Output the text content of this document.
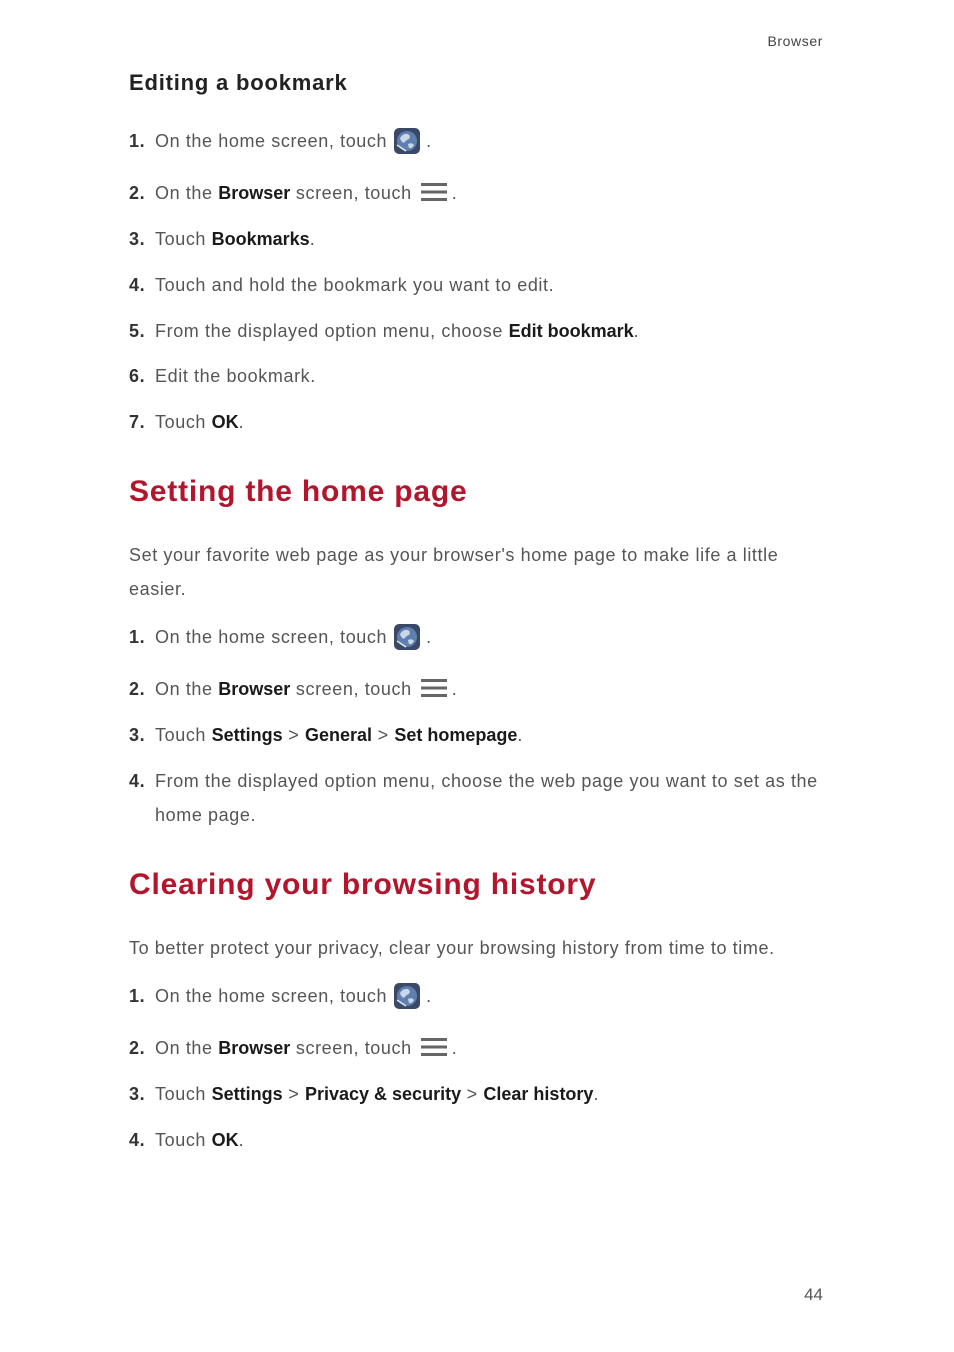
Browser
Editing a bookmark
1. On the home screen, touch .
2. On the Browser screen, touch .
3. Touch Bookmarks.
4. Touch and hold the bookmark you want to edit.
5. From the displayed option menu, choose Edit bookmark.
6. Edit the bookmark.
7. Touch OK.
Setting the home page

Set your favorite web page as your browser's home page to make life a little easier.

1. On the home screen, touch .
2. On the Browser screen, touch .
3. Touch Settings > General > Set homepage.
4. From the displayed option menu, choose the web page you want to set as the home page.
Clearing your browsing history

To better protect your privacy, clear your browsing history from time to time.

1. On the home screen, touch .
2. On the Browser screen, touch .
3. Touch Settings > Privacy & security > Clear history.
4. Touch OK.
44
